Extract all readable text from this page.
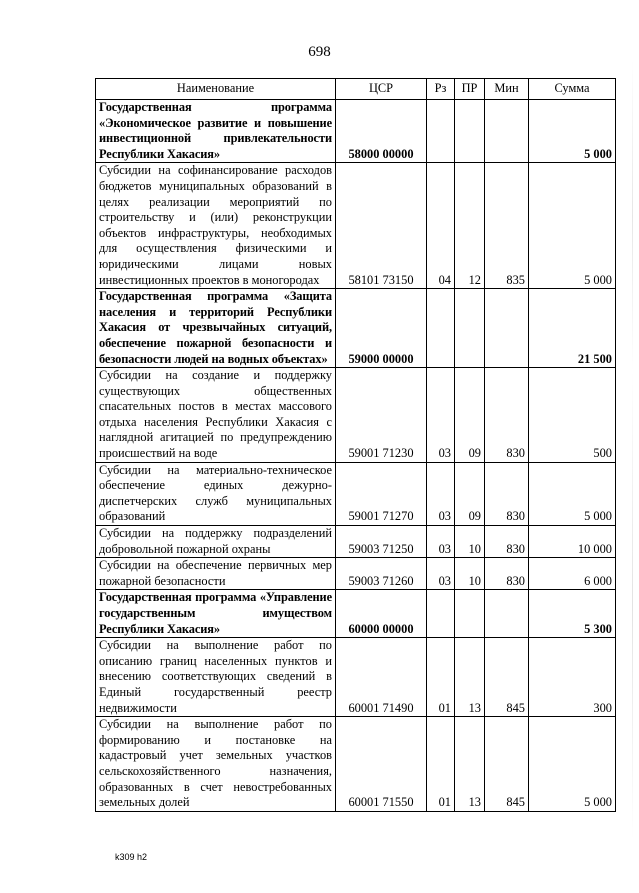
698
Наименование	ЦСР	Рз	ПР	Мин	Сумма
Государственная программа «Экономическое развитие и повышение инвестиционной привлекательности Республики Хакасия»	58000 00000				5 000
Субсидии на софинансирование расходов бюджетов муниципальных образований в целях реализации мероприятий по строительству и (или) реконструкции объектов инфраструктуры, необходимых для осуществления физическими и юридическими лицами новых инвестиционных проектов в моногородах	58101 73150	04	12	835	5 000
Государственная программа «Защита населения и территорий Республики Хакасия от чрезвычайных ситуаций, обеспечение пожарной безопасности и безопасности людей на водных объектах»	59000 00000				21 500
Субсидии на создание и поддержку существующих общественных спасательных постов в местах массового отдыха населения Республики Хакасия с наглядной агитацией по предупреждению происшествий на воде	59001 71230	03	09	830	500
Субсидии на материально-техническое обеспечение единых дежурно-диспетчерских служб муниципальных образований	59001 71270	03	09	830	5 000
Субсидии на поддержку подразделений добровольной пожарной охраны	59003 71250	03	10	830	10 000
Субсидии на обеспечение первичных мер пожарной безопасности	59003 71260	03	10	830	6 000
Государственная программа «Управление государственным имуществом Республики Хакасия»	60000 00000				5 300
Субсидии на выполнение работ по описанию границ населенных пунктов и внесению соответствующих сведений в Единый государственный реестр недвижимости	60001 71490	01	13	845	300
Субсидии на выполнение работ по формированию и постановке на кадастровый учет земельных участков сельскохозяйственного назначения, образованных в счет невостребованных земельных долей	60001 71550	01	13	845	5 000
k309 h2
